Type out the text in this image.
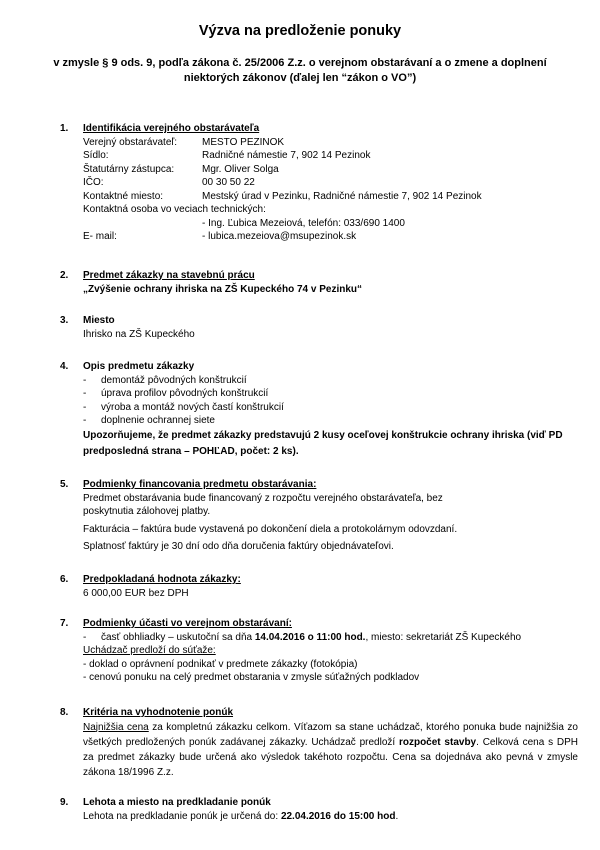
Výzva na predloženie ponuky
v zmysle § 9 ods. 9, podľa zákona č. 25/2006 Z.z. o verejnom obstarávaní a o zmene a doplnení niektorých zákonov (ďalej len “zákon o VO”)
1. Identifikácia verejného obstarávateľa
Verejný obstarávateľ:	MESTO PEZINOK
Sídlo:	Radničné námestie 7, 902 14 Pezinok
Štatutárny zástupca:	Mgr. Oliver Solga
IČO:	00 30 50 22
Kontaktné miesto:	Mestský úrad v Pezinku, Radničné námestie 7, 902 14 Pezinok
Kontaktná osoba vo veciach technických:
- Ing. Ľubica Mezeiová, telefón: 033/690 1400
E- mail:	- lubica.mezeiova@msupezinok.sk
2. Predmet zákazky na stavebnú prácu
„Zvýšenie ochrany ihriska na ZŠ Kupeckého 74 v Pezinku“
3. Miesto
Ihrisko na ZŠ Kupeckého
4. Opis predmetu zákazky
-	demontáž pôvodných konštrukcií
-	úprava profilov pôvodných konštrukcií
-	výroba a montáž nových častí konštrukcií
-	doplnenie ochrannej siete
Upozorňujeme, že predmet zákazky predstavujú 2 kusy oceľovej konštrukcie ochrany ihriska (viď PD predposledná strana – POHĽAD, počet: 2 ks).
5. Podmienky financovania predmetu obstarávania:
Predmet obstarávania bude financovaný z rozpočtu verejného obstarávateľa, bez
poskytnutia zálohovej platby.
Fakturácia – faktúra bude vystavená po dokončení diela a protokolárnym odovzdaní.
Splatnosť faktúry je 30 dní odo dňa doručenia faktúry objednávateľovi.
6. Predpokladaná hodnota zákazky:
6 000,00 EUR bez DPH
7. Podmienky účasti vo verejnom obstarávaní:
-	časť obhliadky – uskutoční sa dňa 14.04.2016 o 11:00 hod., miesto: sekretariát ZŠ Kupeckého
Uchádzač predloží do súťaže:
- doklad o oprávnení podnikať v predmete zákazky (fotokópia)
- cenovú ponuku na celý predmet obstarania v zmysle súťažných podkladov
8. Kritéria na vyhodnotenie ponúk
Najnižšia cena za kompletnú zákazku celkom. Víťazom sa stane uchádzač, ktorého ponuka bude najnižšia zo všetkých predložených ponúk zadávanej zákazky. Uchádzač predloží rozpočet stavby. Celková cena s DPH za predmet zákazky bude určená ako výsledok takéhoto rozpočtu. Cena sa dojednáva ako pevná v zmysle zákona 18/1996 Z.z.
9. Lehota a miesto na predkladanie ponúk
Lehota na predkladanie ponúk je určená do: 22.04.2016 do 15:00 hod.
